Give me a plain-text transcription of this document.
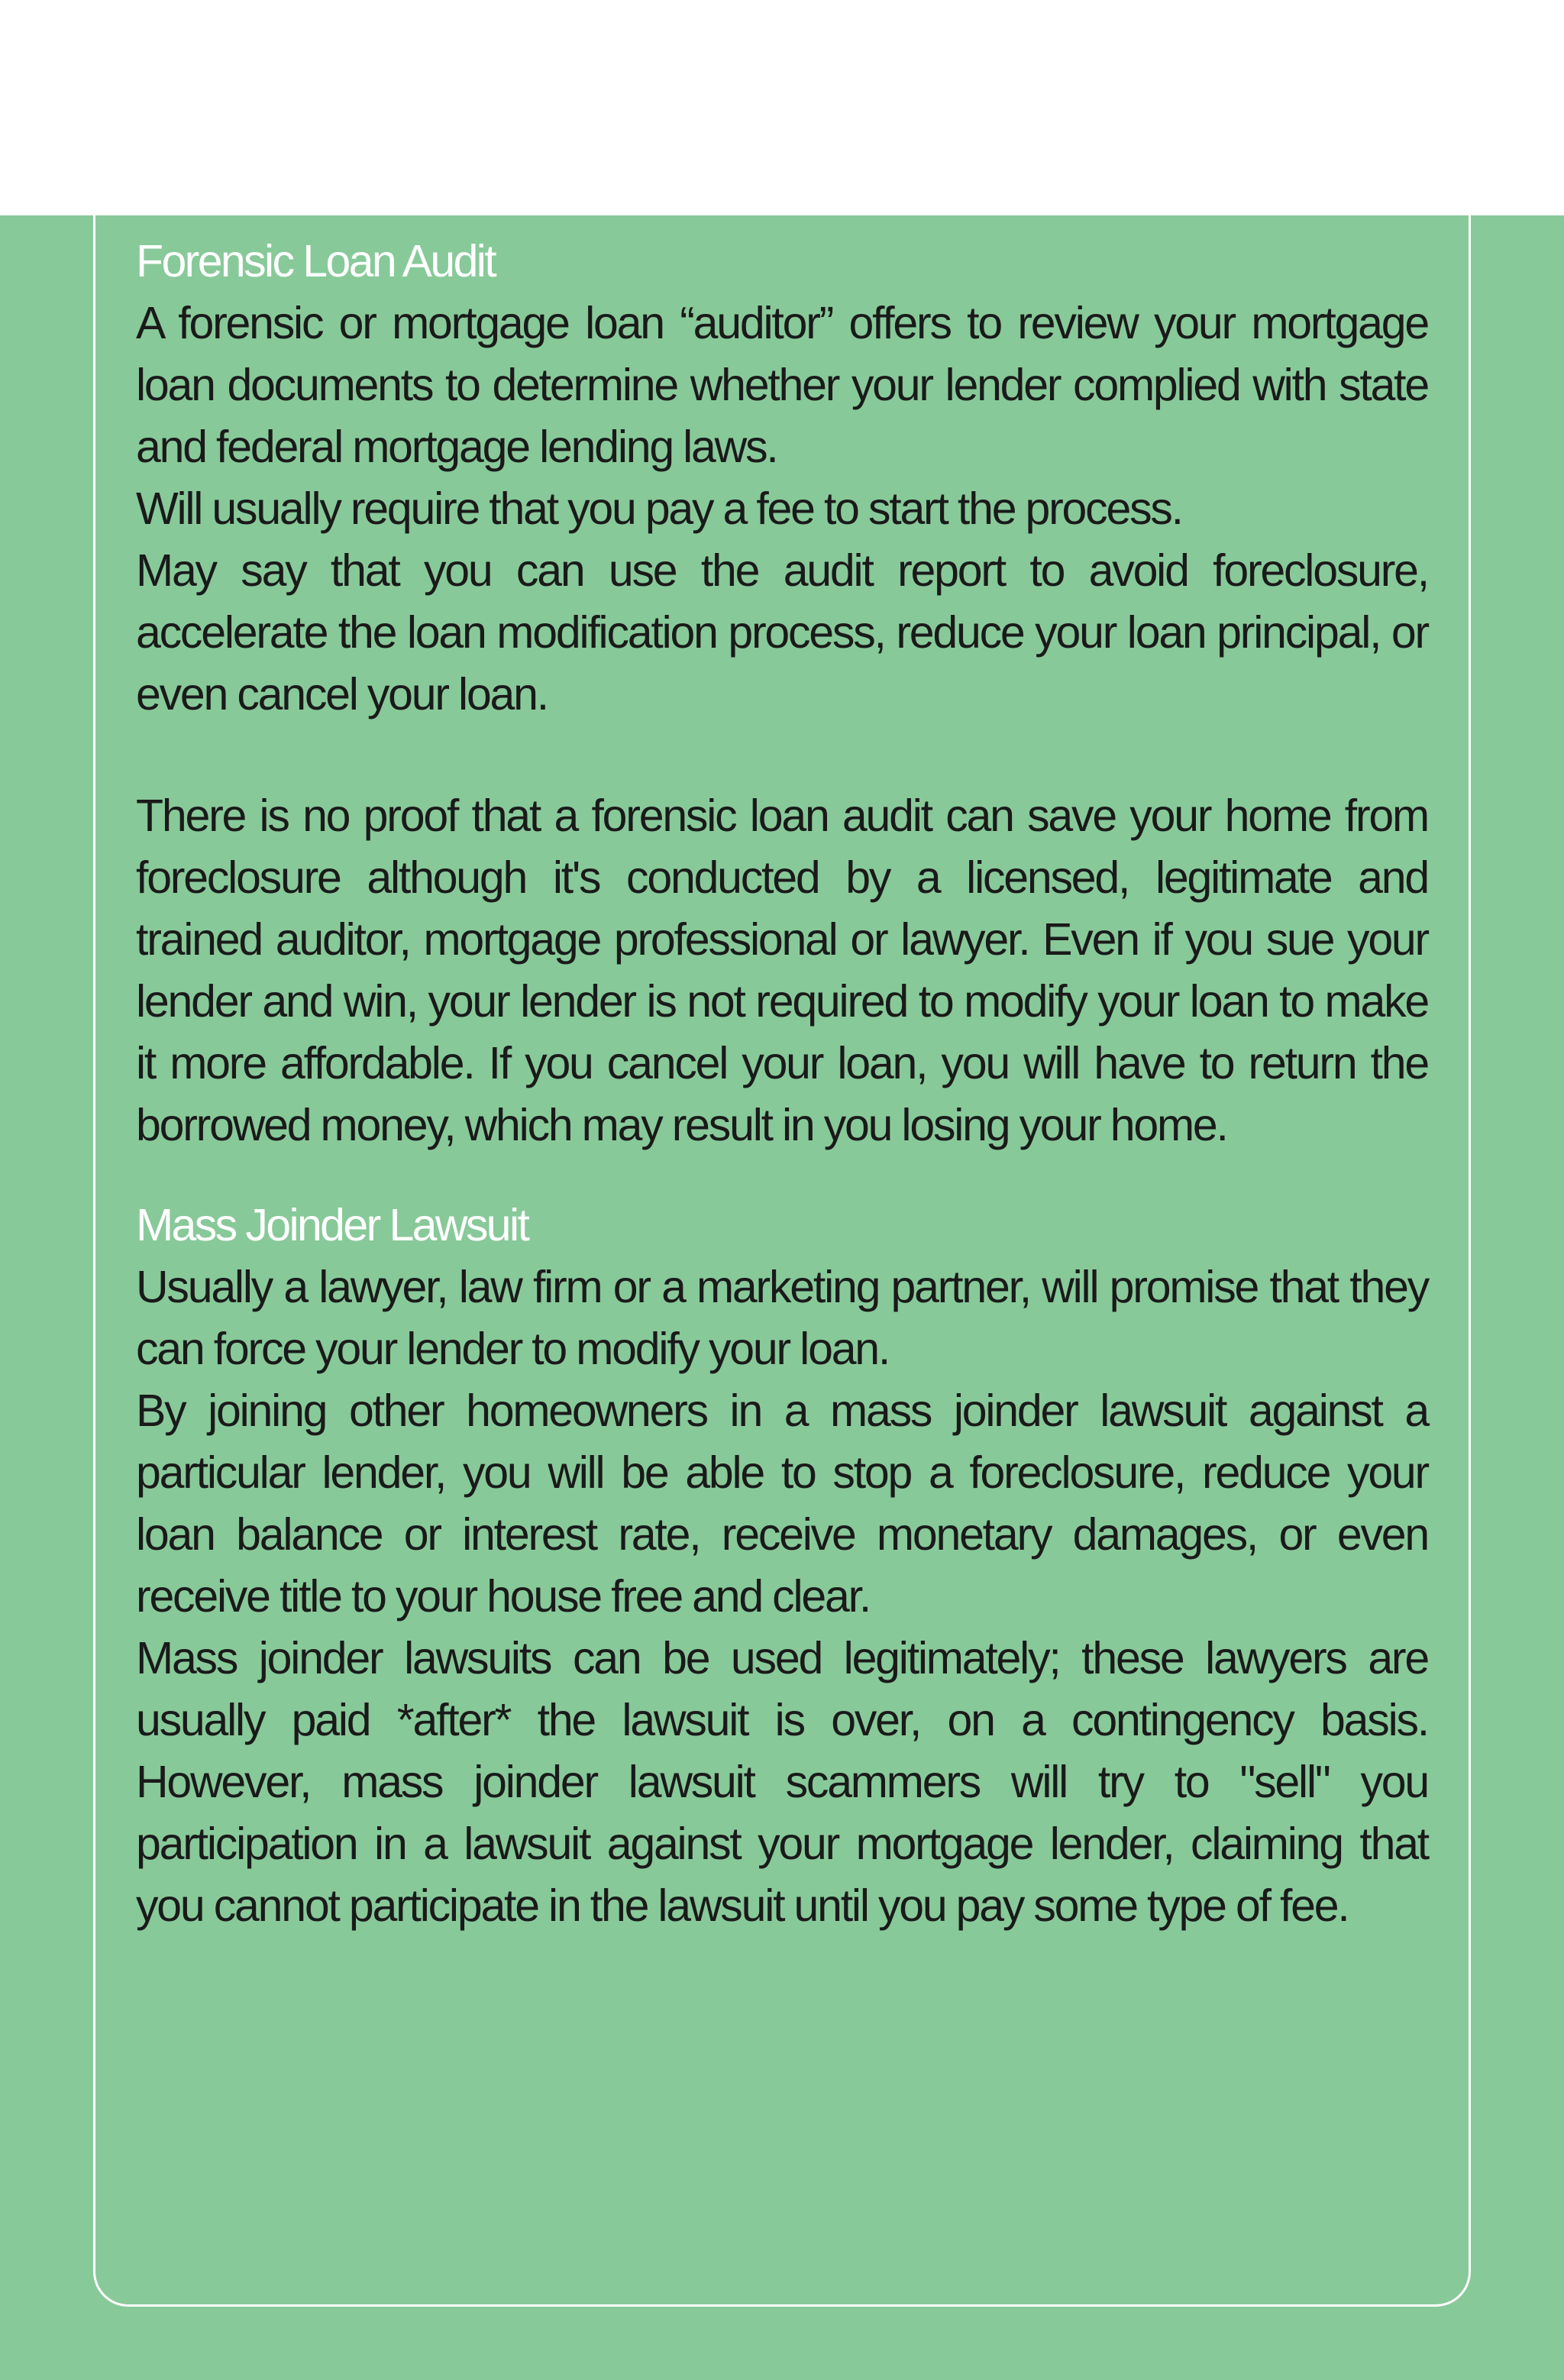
Forensic Loan Audit

A forensic or mortgage loan “auditor” offers to review your mortgage loan documents to determine whether your lender complied with state and federal mortgage lending laws.

Will usually require that you pay a fee to start the process.

May say that you can use the audit report to avoid foreclosure, accelerate the loan modification process, reduce your loan principal, or even cancel your loan.

There is no proof that a forensic loan audit can save your home from foreclosure although it's conducted by a licensed, legitimate and trained auditor, mortgage professional or lawyer. Even if you sue your lender and win, your lender is not required to modify your loan to make it more affordable. If you cancel your loan, you will have to return the borrowed money, which may result in you losing your home.

Mass Joinder Lawsuit

Usually a lawyer, law firm or a marketing partner, will promise that they can force your lender to modify your loan.

By joining other homeowners in a mass joinder lawsuit against a particular lender, you will be able to stop a foreclosure, reduce your loan balance or interest rate, receive monetary damages, or even receive title to your house free and clear.

Mass joinder lawsuits can be used legitimately; these lawyers are usually paid *after* the lawsuit is over, on a contingency basis. However, mass joinder lawsuit scammers will try to "sell" you participation in a lawsuit against your mortgage lender, claiming that you cannot participate in the lawsuit until you pay some type of fee.
